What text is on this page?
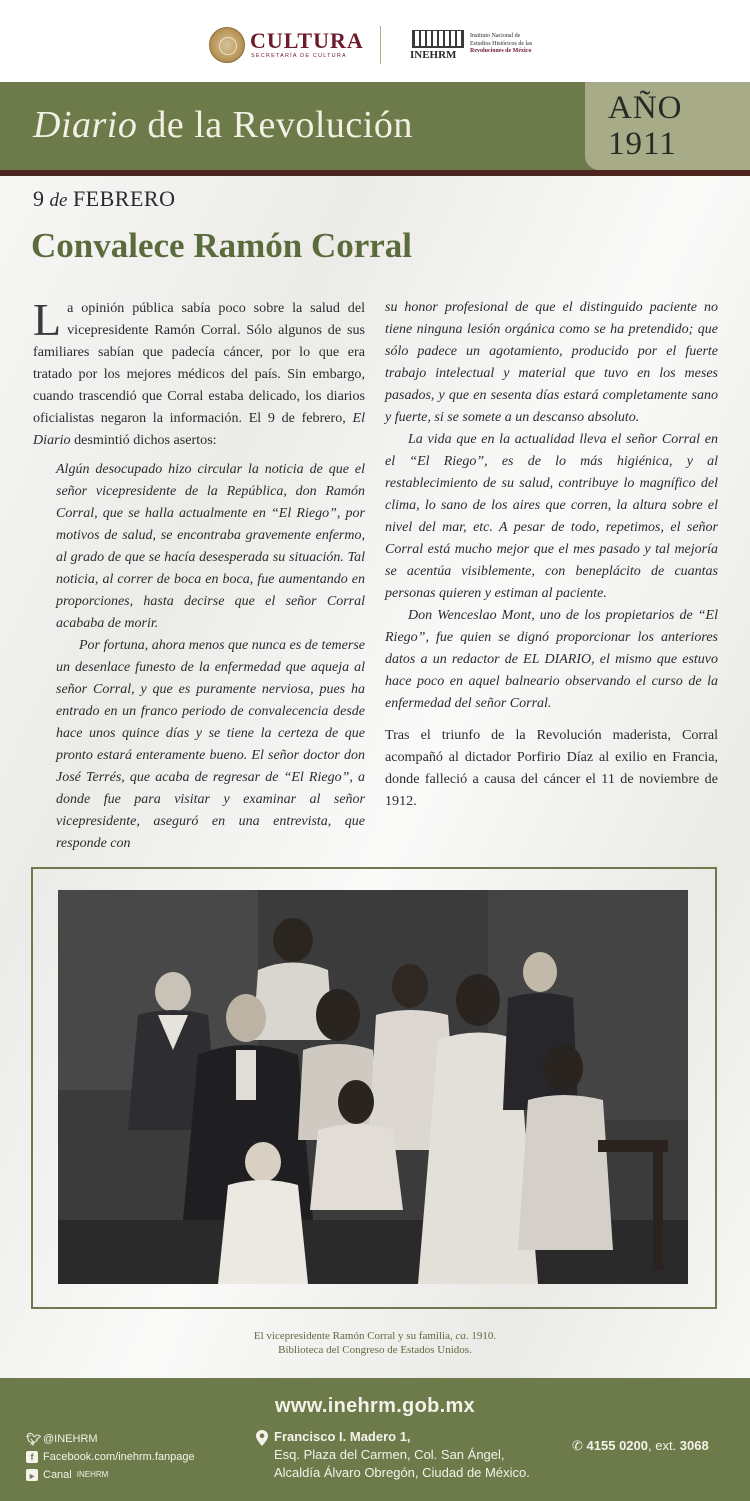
CULTURA
SECRETARÍA DE CULTURA	INEHRM
Instituto Nacional de
Estudios Históricos de las
Revoluciones de México
Diario de la Revolución	AÑO
1911
9 de FEBRERO
Convalece Ramón Corral

La opinión pública sabía poco sobre la salud del vicepresidente Ramón Corral. Sólo algunos de sus familiares sabían que padecía cáncer, por lo que era tratado por los mejores médicos del país. Sin embargo, cuando trascendió que Corral estaba delicado, los diarios oficialistas negaron la información. El 9 de febrero, El Diario desmintió dichos asertos:

Algún desocupado hizo circular la noticia de que el señor vicepresidente de la República, don Ramón Corral, que se halla actualmente en “El Riego”, por motivos de salud, se encontraba gravemente enfermo, al grado de que se hacía desesperada su situación. Tal noticia, al correr de boca en boca, fue aumentando en proporciones, hasta decirse que el señor Corral acababa de morir.

Por fortuna, ahora menos que nunca es de temerse un desenlace funesto de la enfermedad que aqueja al señor Corral, y que es puramente nerviosa, pues ha entrado en un franco periodo de convalecencia desde hace unos quince días y se tiene la certeza de que pronto estará enteramente bueno. El señor doctor don José Terrés, que acaba de regresar de “El Riego”, a donde fue para visitar y examinar al señor vicepresidente, aseguró en una entrevista, que responde con

su honor profesional de que el distinguido paciente no tiene ninguna lesión orgánica como se ha pretendido; que sólo padece un agotamiento, producido por el fuerte trabajo intelectual y material que tuvo en los meses pasados, y que en sesenta días estará completamente sano y fuerte, si se somete a un descanso absoluto.

La vida que en la actualidad lleva el señor Corral en el “El Riego”, es de lo más higiénica, y al restablecimiento de su salud, contribuye lo magnífico del clima, lo sano de los aires que corren, la altura sobre el nivel del mar, etc. A pesar de todo, repetimos, el señor Corral está mucho mejor que el mes pasado y tal mejoría se acentúa visiblemente, con beneplácito de cuantas personas quieren y estiman al paciente.

Don Wenceslao Mont, uno de los propietarios de “El Riego”, fue quien se dignó proporcionar los anteriores datos a un redactor de EL DIARIO, el mismo que estuvo hace poco en aquel balneario observando el curso de la enfermedad del señor Corral.

Tras el triunfo de la Revolución maderista, Corral acompañó al dictador Porfirio Díaz al exilio en Francia, donde falleció a causa del cáncer el 11 de noviembre de 1912.

El vicepresidente Ramón Corral y su familia, ca. 1910.
Biblioteca del Congreso de Estados Unidos.
www.inehrm.gob.mx
🐦︎ @INEHRM
f Facebook.com/inehrm.fanpage
▶ Canal INEHRM
Francisco I. Madero 1,
Esq. Plaza del Carmen, Col. San Ángel,
Alcaldía Álvaro Obregón, Ciudad de México.
✆ 4155 0200, ext. 3068
